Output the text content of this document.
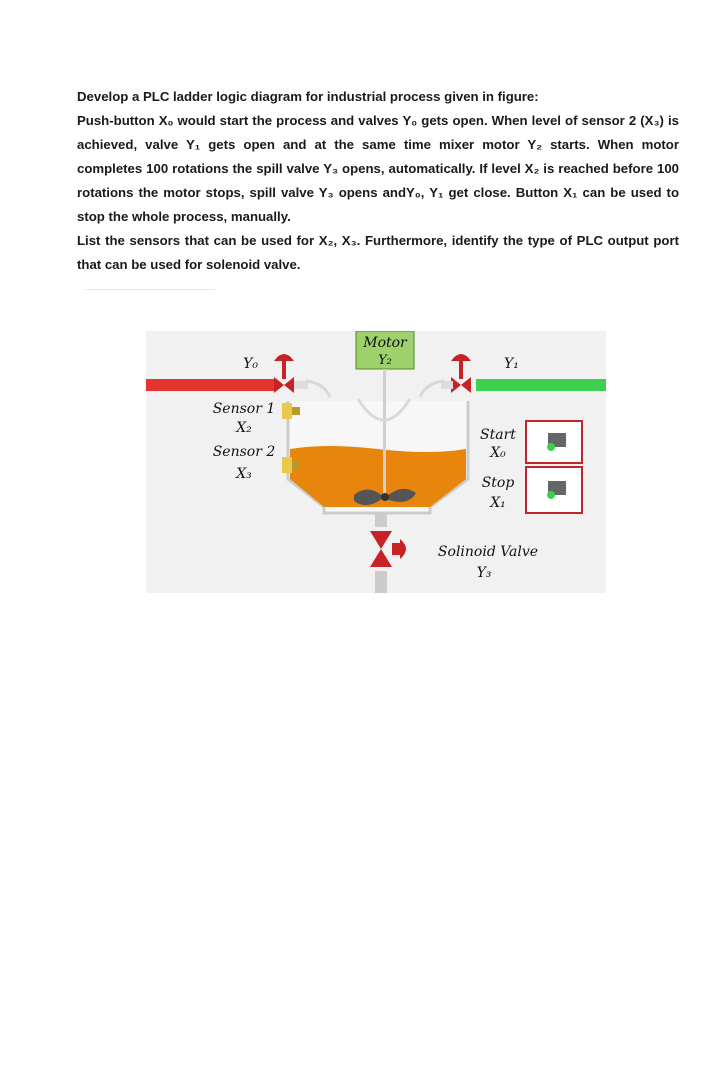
Develop a PLC ladder logic diagram for industrial process given in figure:

Push-button X₀ would start the process and valves Y₀ gets open. When level of sensor 2 (X₃) is achieved, valve Y₁ gets open and at the same time mixer motor Y₂ starts. When motor completes 100 rotations the spill valve Y₃ opens, automatically. If level X₂ is reached before 100 rotations the motor stops, spill valve Y₃ opens andY₀, Y₁ get close. Button X₁ can be used to stop the whole process, manually.

List the sensors that can be used for X₂, X₃. Furthermore, identify the type of PLC output port that can be used for solenoid valve.

Motor
Y₂
Y₀	Y₁
Sensor 1
X₂
Sensor 2
X₃
Start
X₀
Stop
X₁
Solinoid Valve
Y₃
